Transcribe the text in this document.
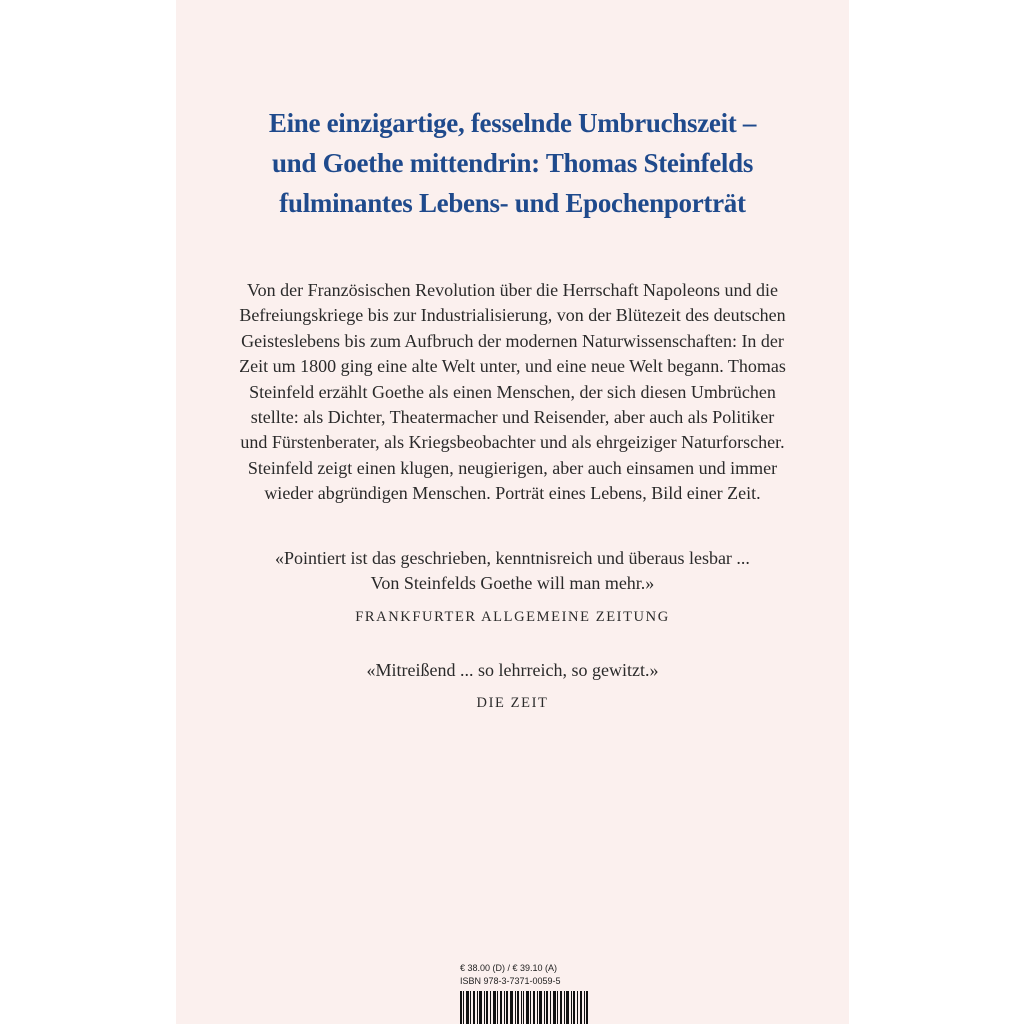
Eine einzigartige, fesselnde Umbruchszeit –
und Goethe mittendrin: Thomas Steinfelds
fulminantes Lebens- und Epochenporträt
Von der Französischen Revolution über die Herrschaft Napoleons und die
Befreiungskriege bis zur Industrialisierung, von der Blütezeit des deutschen
Geisteslebens bis zum Aufbruch der modernen Naturwissenschaften: In der
Zeit um 1800 ging eine alte Welt unter, und eine neue Welt begann. Thomas
Steinfeld erzählt Goethe als einen Menschen, der sich diesen Umbrüchen
stellte: als Dichter, Theatermacher und Reisender, aber auch als Politiker
und Fürstenberater, als Kriegsbeobachter und als ehrgeiziger Naturforscher.
Steinfeld zeigt einen klugen, neugierigen, aber auch einsamen und immer
wieder abgründigen Menschen. Porträt eines Lebens, Bild einer Zeit.
«Pointiert ist das geschrieben, kenntnisreich und überaus lesbar ...
Von Steinfelds Goethe will man mehr.»
FRANKFURTER ALLGEMEINE ZEITUNG
«Mitreißend ... so lehrreich, so gewitzt.»
DIE ZEIT
€ 38.00 (D) / € 39.10 (A)
ISBN 978-3-7371-0059-5
